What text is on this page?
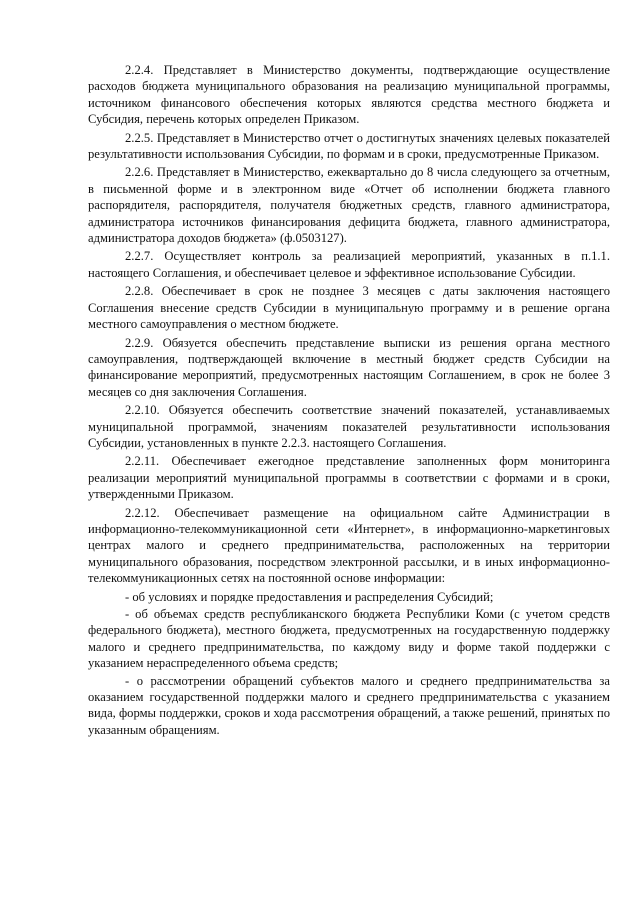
2.2.4. Представляет в Министерство документы, подтверждающие осуществление расходов бюджета муниципального образования на реализацию муниципальной программы, источником финансового обеспечения которых являются средства местного бюджета и Субсидия, перечень которых определен Приказом.

2.2.5. Представляет в Министерство отчет о достигнутых значениях целевых показателей результативности использования Субсидии, по формам и в сроки, предусмотренные Приказом.

2.2.6. Представляет в Министерство, ежеквартально до 8 числа следующего за отчетным, в письменной форме и в электронном виде «Отчет об исполнении бюджета главного распорядителя, распорядителя, получателя бюджетных средств, главного администратора, администратора источников финансирования дефицита бюджета, главного администратора, администратора доходов бюджета» (ф.0503127).

2.2.7. Осуществляет контроль за реализацией мероприятий, указанных в п.1.1. настоящего Соглашения, и обеспечивает целевое и эффективное использование Субсидии.

2.2.8. Обеспечивает в срок не позднее 3 месяцев с даты заключения настоящего Соглашения внесение средств Субсидии в муниципальную программу и в решение органа местного самоуправления о местном бюджете.

2.2.9. Обязуется обеспечить представление выписки из решения органа местного самоуправления, подтверждающей включение в местный бюджет средств Субсидии на финансирование мероприятий, предусмотренных настоящим Соглашением, в срок не более 3 месяцев со дня заключения Соглашения.

2.2.10. Обязуется обеспечить соответствие значений показателей, устанавливаемых муниципальной программой, значениям показателей результативности использования Субсидии, установленных в пункте 2.2.3. настоящего Соглашения.

2.2.11. Обеспечивает ежегодное представление заполненных форм мониторинга реализации мероприятий муниципальной программы в соответствии с формами и в сроки, утвержденными Приказом.

2.2.12. Обеспечивает размещение на официальном сайте Администрации в информационно-телекоммуникационной сети «Интернет», в информационно-маркетинговых центрах малого и среднего предпринимательства, расположенных на территории муниципального образования, посредством электронной рассылки, и в иных информационно-телекоммуникационных сетях на постоянной основе информации:

- об условиях и порядке предоставления и распределения Субсидий;

- об объемах средств республиканского бюджета Республики Коми (с учетом средств федерального бюджета), местного бюджета, предусмотренных на государственную поддержку малого и среднего предпринимательства, по каждому виду и форме такой поддержки с указанием нераспределенного объема средств;

- о рассмотрении обращений субъектов малого и среднего предпринимательства за оказанием государственной поддержки малого и среднего предпринимательства с указанием вида, формы поддержки, сроков и хода рассмотрения обращений, а также решений, принятых по указанным обращениям.
